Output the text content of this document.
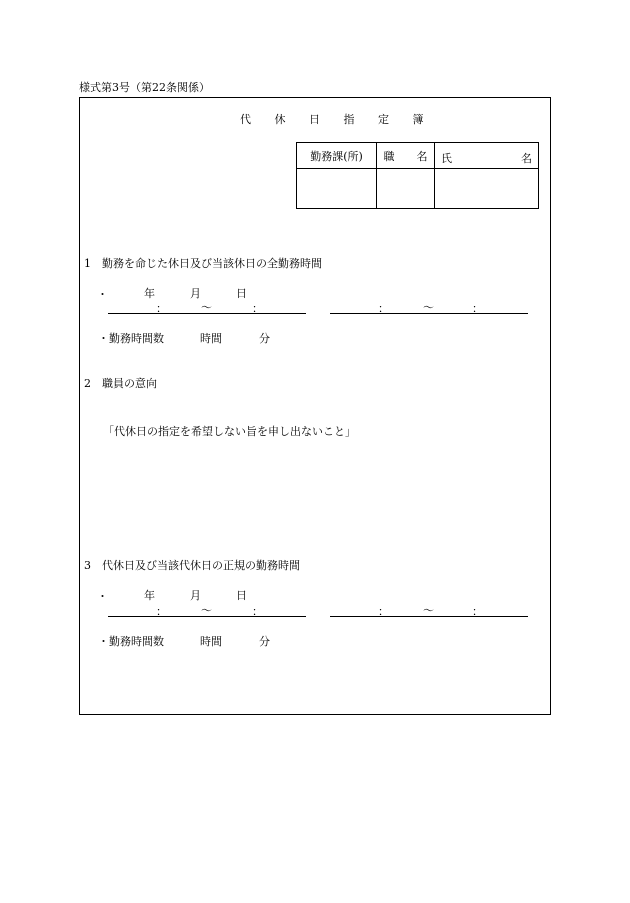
様式第3号（第22条関係）
代 休 日 指 定 簿
勤務課(所)	職　　名	氏 名

1　勤務を命じた休日及び当該休日の全勤務時間
・	年	月	日
：	～	：	：	～	：
・勤務時間数	時間	分
2　職員の意向
「代休日の指定を希望しない旨を申し出ないこと」
3　代休日及び当該代休日の正規の勤務時間
・	年	月	日
：	～	：	：	～	：
・勤務時間数	時間	分
